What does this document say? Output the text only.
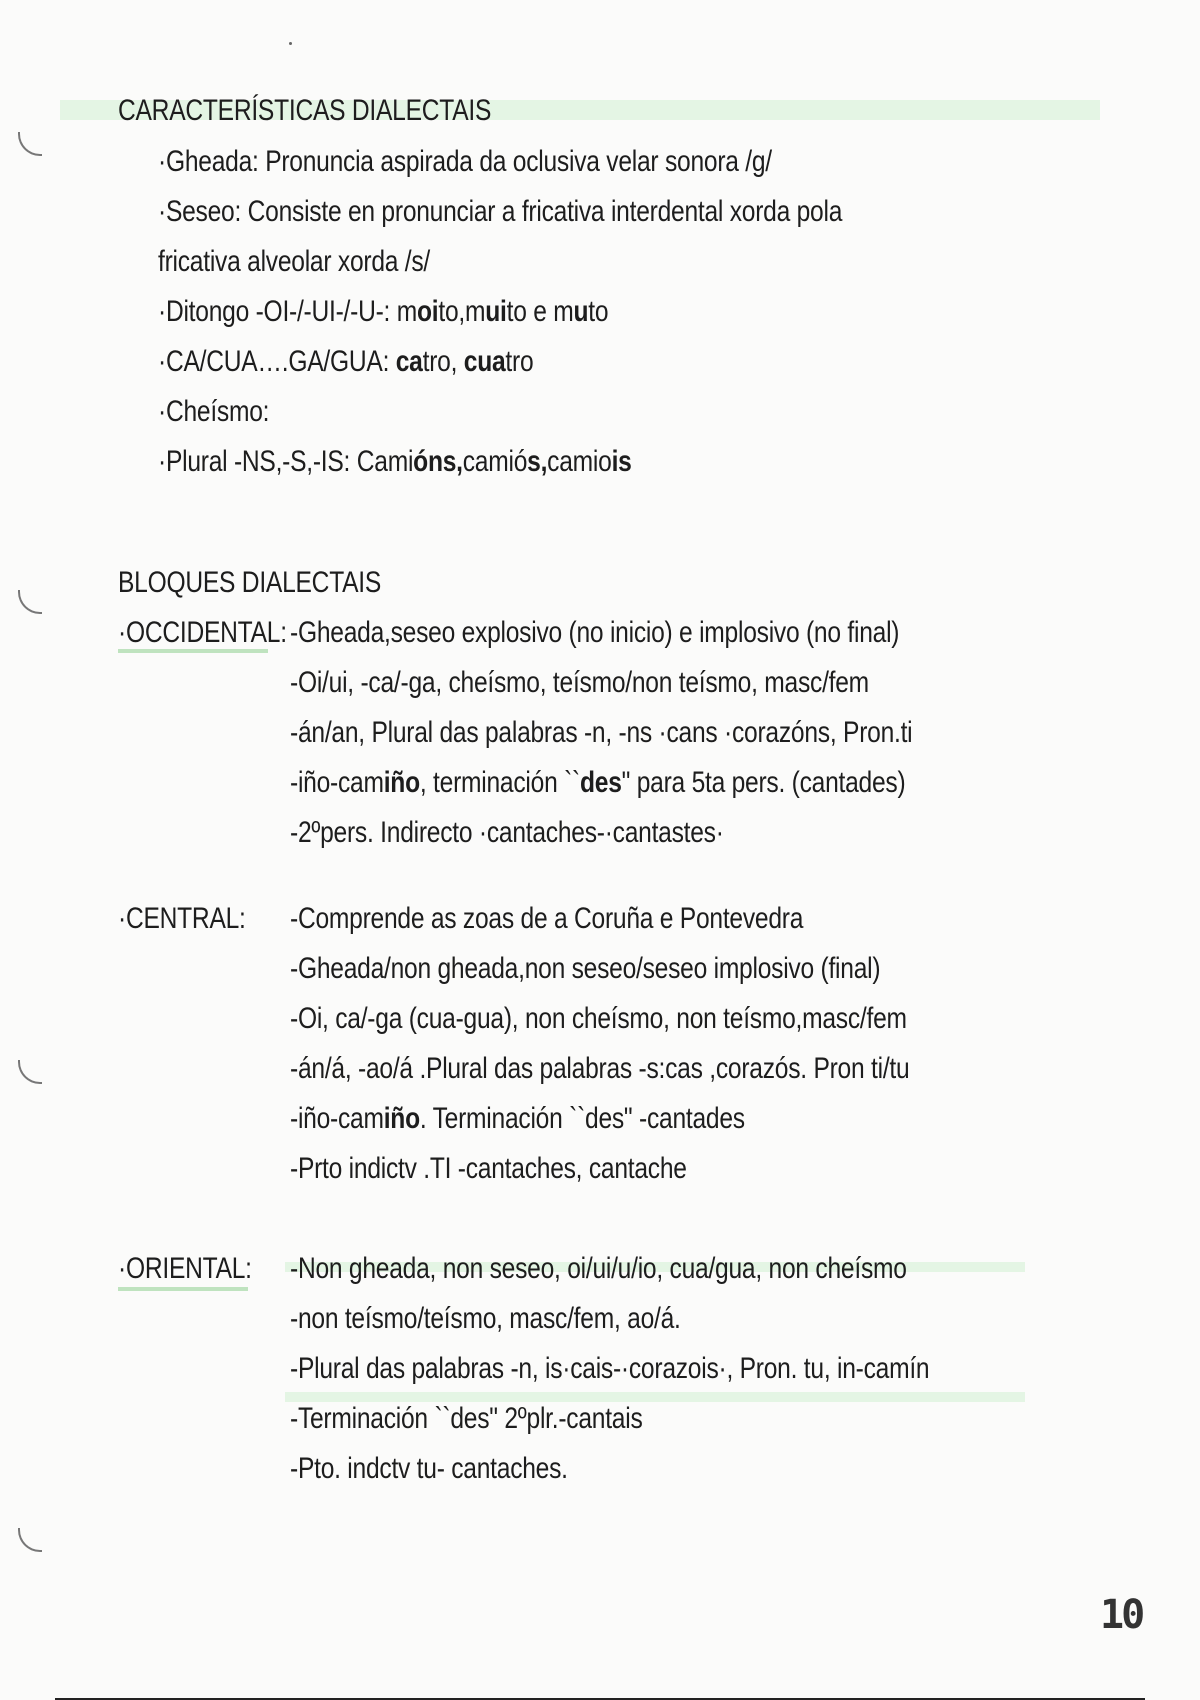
CARACTERÍSTICAS DIALECTAIS
·Gheada: Pronuncia aspirada da oclusiva velar sonora /g/
·Seseo: Consiste en pronunciar a fricativa interdental xorda pola
fricativa alveolar xorda /s/
·Ditongo -OI-/-UI-/-U-: moito,muito e muto
·CA/CUA….GA/GUA: catro, cuatro
·Cheísmo:
·Plural -NS,-S,-IS: Camións,camiós,camiois
BLOQUES DIALECTAIS
·OCCIDENTAL: -Gheada,seseo explosivo (no inicio) e implosivo (no final)
-Oi/ui, -ca/-ga, cheísmo, teísmo/non teísmo, masc/fem
-án/an, Plural das palabras -n, -ns ·cans ·corazóns, Pron.ti
-iño-camiño, terminación ``des" para 5ta pers. (cantades)
-2ºpers. Indirecto ·cantaches-·cantastes·
·CENTRAL: -Comprende as zoas de a Coruña e Pontevedra
-Gheada/non gheada,non seseo/seseo implosivo (final)
-Oi, ca/-ga (cua-gua), non cheísmo, non teísmo,masc/fem
-án/á, -ao/á .Plural das palabras -s:cas ,corazós. Pron ti/tu
-iño-camiño. Terminación ``des" -cantades
-Prto indictv .TI -cantaches, cantache
·ORIENTAL: -Non gheada, non seseo, oi/ui/u/io, cua/gua, non cheísmo
-non teísmo/teísmo, masc/fem, ao/á.
-Plural das palabras -n, is·cais-·corazois·, Pron. tu, in-camín
-Terminación ``des" 2ºplr.-cantais
-Pto. indctv tu- cantaches.
10
